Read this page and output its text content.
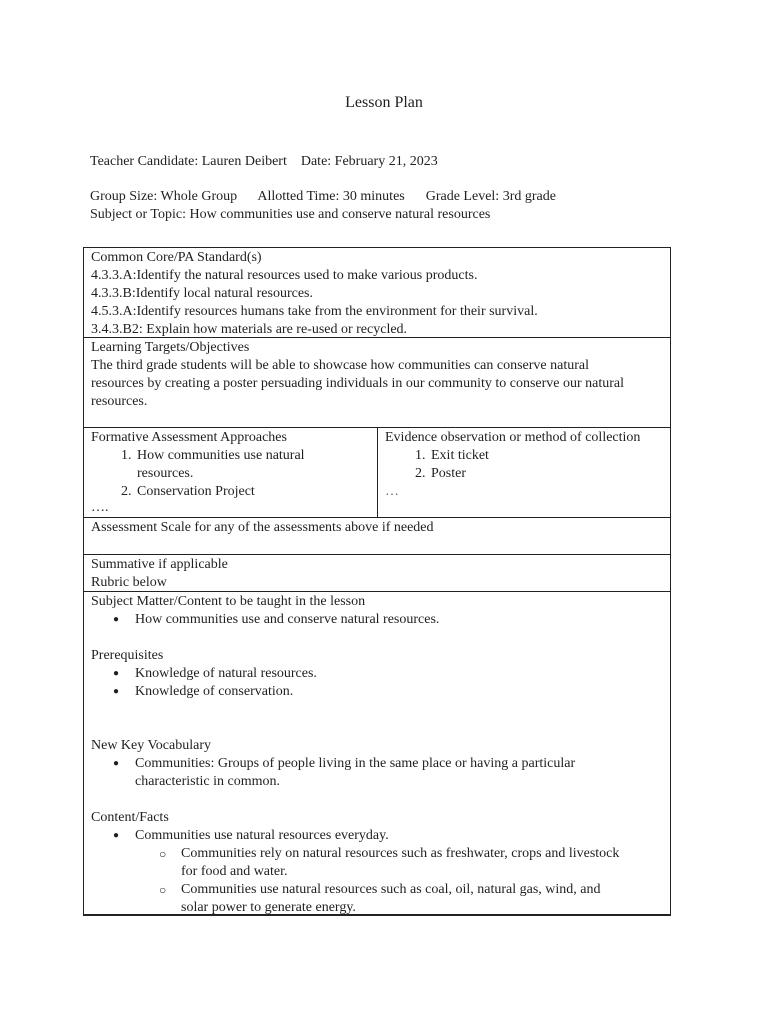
Lesson Plan
Teacher Candidate: Lauren Deibert    Date: February 21, 2023
Group Size: Whole Group      Allotted Time: 30 minutes      Grade Level: 3rd grade
Subject or Topic: How communities use and conserve natural resources
Common Core/PA Standard(s)
4.3.3.A:Identify the natural resources used to make various products.
4.3.3.B:Identify local natural resources.
4.5.3.A:Identify resources humans take from the environment for their survival.
3.4.3.B2: Explain how materials are re-used or recycled.
Learning Targets/Objectives
The third grade students will be able to showcase how communities can conserve natural
resources by creating a poster persuading individuals in our community to conserve our natural
resources.
Formative Assessment Approaches
1. How communities use natural
resources.
2. Conservation Project
….
Evidence observation or method of collection
1. Exit ticket
2. Poster
…
Assessment Scale for any of the assessments above if needed
Summative if applicable
Rubric below
Subject Matter/Content to be taught in the lesson
● How communities use and conserve natural resources.
Prerequisites
● Knowledge of natural resources.
● Knowledge of conservation.
New Key Vocabulary
● Communities: Groups of people living in the same place or having a particular
characteristic in common.
Content/Facts
● Communities use natural resources everyday.
○ Communities rely on natural resources such as freshwater, crops and livestock
for food and water.
○ Communities use natural resources such as coal, oil, natural gas, wind, and
solar power to generate energy.
